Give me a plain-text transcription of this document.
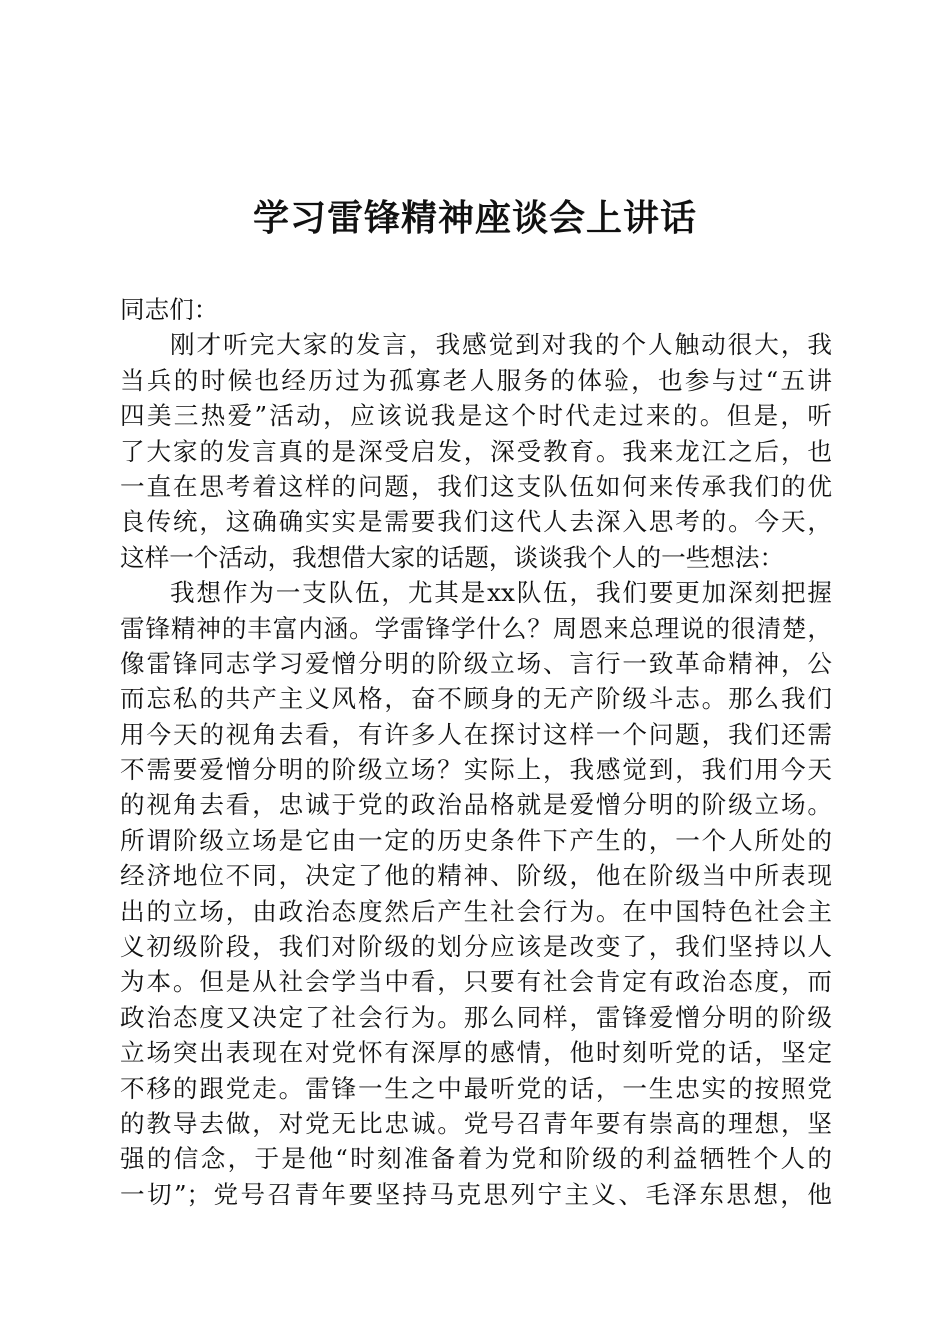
学习雷锋精神座谈会上讲话
同志们：
刚才听完大家的发言，我感觉到对我的个人触动很大，我
当兵的时候也经历过为孤寡老人服务的体验，也参与过“五讲
四美三热爱”活动，应该说我是这个时代走过来的。但是，听
了大家的发言真的是深受启发，深受教育。我来龙江之后，也
一直在思考着这样的问题，我们这支队伍如何来传承我们的优
良传统，这确确实实是需要我们这代人去深入思考的。今天，
这样一个活动，我想借大家的话题，谈谈我个人的一些想法：
我想作为一支队伍，尤其是xx队伍，我们要更加深刻把握
雷锋精神的丰富内涵。学雷锋学什么？周恩来总理说的很清楚，
像雷锋同志学习爱憎分明的阶级立场、言行一致革命精神，公
而忘私的共产主义风格，奋不顾身的无产阶级斗志。那么我们
用今天的视角去看，有许多人在探讨这样一个问题，我们还需
不需要爱憎分明的阶级立场？实际上，我感觉到，我们用今天
的视角去看，忠诚于党的政治品格就是爱憎分明的阶级立场。
所谓阶级立场是它由一定的历史条件下产生的，一个人所处的
经济地位不同，决定了他的精神、阶级，他在阶级当中所表现
出的立场，由政治态度然后产生社会行为。在中国特色社会主
义初级阶段，我们对阶级的划分应该是改变了，我们坚持以人
为本。但是从社会学当中看，只要有社会肯定有政治态度，而
政治态度又决定了社会行为。那么同样，雷锋爱憎分明的阶级
立场突出表现在对党怀有深厚的感情，他时刻听党的话，坚定
不移的跟党走。雷锋一生之中最听党的话，一生忠实的按照党
的教导去做，对党无比忠诚。党号召青年要有崇高的理想，坚
强的信念，于是他“时刻准备着为党和阶级的利益牺牲个人的
一切”；党号召青年要坚持马克思列宁主义、毛泽东思想，他
